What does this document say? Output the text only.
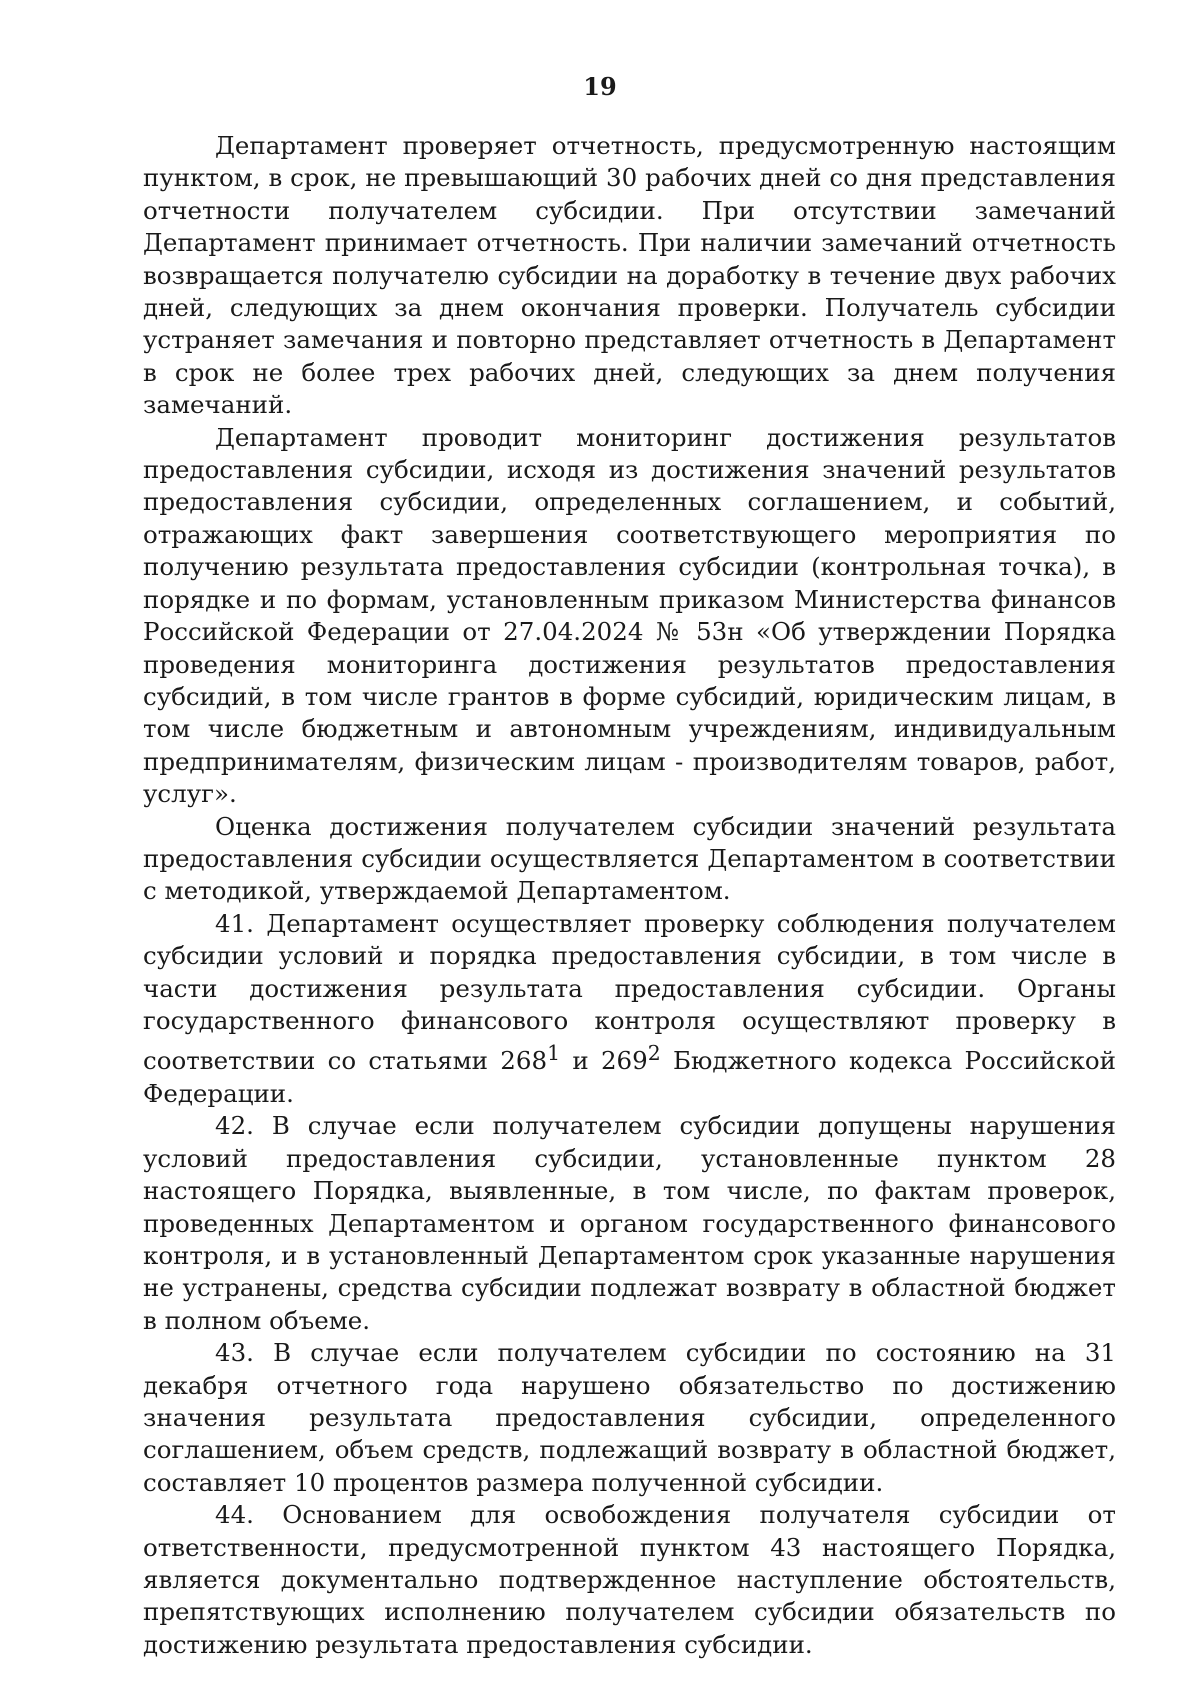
19

Департамент проверяет отчетность, предусмотренную настоящим пунктом, в срок, не превышающий 30 рабочих дней со дня представления отчетности получателем субсидии. При отсутствии замечаний Департамент принимает отчетность. При наличии замечаний отчетность возвращается получателю субсидии на доработку в течение двух рабочих дней, следующих за днем окончания проверки. Получатель субсидии устраняет замечания и повторно представляет отчетность в Департамент в срок не более трех рабочих дней, следующих за днем получения замечаний.

Департамент проводит мониторинг достижения результатов предоставления субсидии, исходя из достижения значений результатов предоставления субсидии, определенных соглашением, и событий, отражающих факт завершения соответствующего мероприятия по получению результата предоставления субсидии (контрольная точка), в порядке и по формам, установленным приказом Министерства финансов Российской Федерации от 27.04.2024 № 53н «Об утверждении Порядка проведения мониторинга достижения результатов предоставления субсидий, в том числе грантов в форме субсидий, юридическим лицам, в том числе бюджетным и автономным учреждениям, индивидуальным предпринимателям, физическим лицам - производителям товаров, работ, услуг».

Оценка достижения получателем субсидии значений результата предоставления субсидии осуществляется Департаментом в соответствии с методикой, утверждаемой Департаментом.

41. Департамент осуществляет проверку соблюдения получателем субсидии условий и порядка предоставления субсидии, в том числе в части достижения результата предоставления субсидии. Органы государственного финансового контроля осуществляют проверку в соответствии со статьями $268^1$ и $269^2$ Бюджетного кодекса Российской Федерации.

42. В случае если получателем субсидии допущены нарушения условий предоставления субсидии, установленные пунктом 28 настоящего Порядка, выявленные, в том числе, по фактам проверок, проведенных Департаментом и органом государственного финансового контроля, и в установленный Департаментом срок указанные нарушения не устранены, средства субсидии подлежат возврату в областной бюджет в полном объеме.

43. В случае если получателем субсидии по состоянию на 31 декабря отчетного года нарушено обязательство по достижению значения результата предоставления субсидии, определенного соглашением, объем средств, подлежащий возврату в областной бюджет, составляет 10 процентов размера полученной субсидии.

44. Основанием для освобождения получателя субсидии от ответственности, предусмотренной пунктом 43 настоящего Порядка, является документально подтвержденное наступление обстоятельств, препятствующих исполнению получателем субсидии обязательств по достижению результата предоставления субсидии.
